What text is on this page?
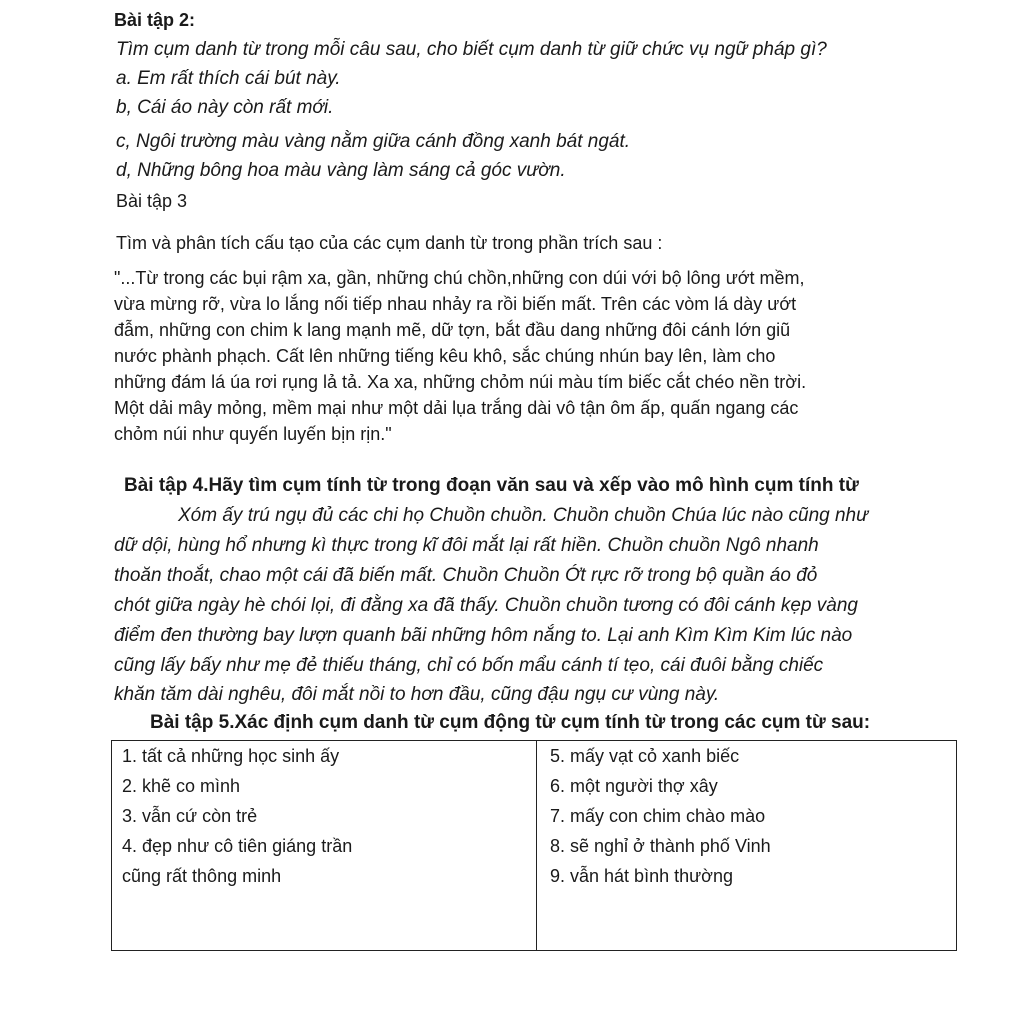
Bài tập 2:
Tìm cụm danh từ trong mỗi câu sau, cho biết cụm danh từ giữ chức vụ ngữ pháp gì?
a. Em rất thích cái bút này.
b, Cái áo này còn rất mới.
c, Ngôi trường màu vàng nằm giữa cánh đồng xanh bát ngát.
d, Những bông hoa màu vàng làm sáng cả góc vườn.
Bài tập 3
Tìm và phân tích cấu tạo của các cụm danh từ trong phần trích sau :
"...Từ trong các bụi rậm xa, gần, những chú chồn,những con dúi với bộ lông ướt mềm,
vừa mừng rỡ, vừa lo lắng nối tiếp nhau nhảy ra rồi biến mất. Trên các vòm lá dày ướt
đẫm, những con chim k lang mạnh mẽ, dữ tợn, bắt đầu dang những đôi cánh lớn giũ
nước phành phạch. Cất lên những tiếng kêu khô, sắc chúng nhún bay lên, làm cho
những đám lá úa rơi rụng lả tả. Xa xa, những chỏm núi màu tím biếc cắt chéo nền trời.
Một dải mây mỏng, mềm mại như một dải lụa trắng dài vô tận ôm ấp, quấn ngang các
chỏm núi như quyến luyến bịn rịn."
Bài tập 4.Hãy tìm cụm tính từ trong đoạn văn sau và xếp vào mô hình cụm tính từ
Xóm ấy trú ngụ đủ các chi họ Chuồn chuồn. Chuồn chuồn Chúa lúc nào cũng như
dữ dội, hùng hổ nhưng kì thực trong kĩ đôi mắt lại rất hiền. Chuồn chuồn Ngô nhanh
thoăn thoắt, chao một cái đã biến mất. Chuồn Chuồn Ớt rực rỡ trong bộ quần áo đỏ
chót giữa ngày hè chói lọi, đi đằng xa đã thấy. Chuồn chuồn tương có đôi cánh kẹp vàng
điểm đen thường bay lượn quanh bãi những hôm nắng to. Lại anh Kìm Kìm Kim lúc nào
cũng lấy bấy như mẹ đẻ thiếu tháng, chỉ có bốn mẩu cánh tí tẹo, cái đuôi bằng chiếc
khăn tăm dài nghêu, đôi mắt nồi to hơn đầu, cũng đậu ngụ cư vùng này.
Bài tập 5.Xác định cụm danh từ cụm động từ cụm tính từ trong các cụm từ sau:
1. tất cả những học sinh ấy
2. khẽ co mình
3. vẫn cứ còn trẻ
4. đẹp như cô tiên giáng trần
cũng rất thông minh
5. mấy vạt cỏ xanh biếc
6. một người thợ xây
7. mấy con chim chào mào
8. sẽ nghỉ ở thành phố Vinh
9. vẫn hát bình thường
